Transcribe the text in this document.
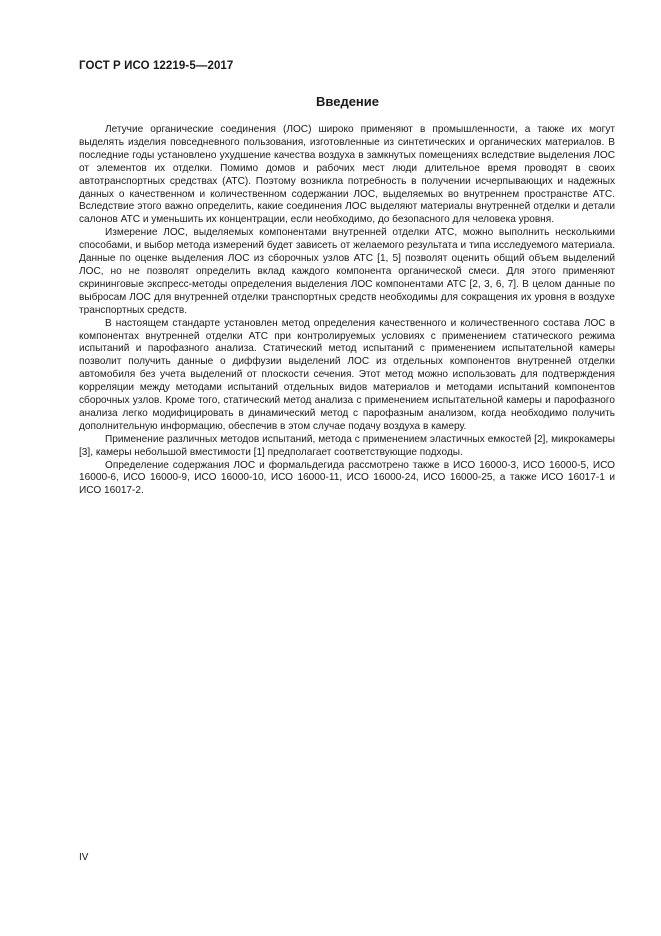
ГОСТ Р ИСО 12219-5—2017
Введение

Летучие органические соединения (ЛОС) широко применяют в промышленности, а также их могут выделять изделия повседневного пользования, изготовленные из синтетических и органических материалов. В последние годы установлено ухудшение качества воздуха в замкнутых помещениях вследствие выделения ЛОС от элементов их отделки. Помимо домов и рабочих мест люди длительное время проводят в своих автотранспортных средствах (АТС). Поэтому возникла потребность в получении исчерпывающих и надежных данных о качественном и количественном содержании ЛОС, выделяемых во внутреннем пространстве АТС. Вследствие этого важно определить, какие соединения ЛОС выделяют материалы внутренней отделки и детали салонов АТС и уменьшить их концентрации, если необходимо, до безопасного для человека уровня.

Измерение ЛОС, выделяемых компонентами внутренней отделки АТС, можно выполнить несколькими способами, и выбор метода измерений будет зависеть от желаемого результата и типа исследуемого материала. Данные по оценке выделения ЛОС из сборочных узлов АТС [1, 5] позволят оценить общий объем выделений ЛОС, но не позволят определить вклад каждого компонента органической смеси. Для этого применяют скрининговые экспресс-методы определения выделения ЛОС компонентами АТС [2, 3, 6, 7]. В целом данные по выбросам ЛОС для внутренней отделки транспортных средств необходимы для сокращения их уровня в воздухе транспортных средств.

В настоящем стандарте установлен метод определения качественного и количественного состава ЛОС в компонентах внутренней отделки АТС при контролируемых условиях с применением статического режима испытаний и парофазного анализа. Статический метод испытаний с применением испытательной камеры позволит получить данные о диффузии выделений ЛОС из отдельных компонентов внутренней отделки автомобиля без учета выделений от плоскости сечения. Этот метод можно использовать для подтверждения корреляции между методами испытаний отдельных видов материалов и методами испытаний компонентов сборочных узлов. Кроме того, статический метод анализа с применением испытательной камеры и парофазного анализа легко модифицировать в динамический метод с парофазным анализом, когда необходимо получить дополнительную информацию, обеспечив в этом случае подачу воздуха в камеру.

Применение различных методов испытаний, метода с применением эластичных емкостей [2], микрокамеры [3], камеры небольшой вместимости [1] предполагает соответствующие подходы.

Определение содержания ЛОС и формальдегида рассмотрено также в ИСО 16000-3, ИСО 16000-5, ИСО 16000-6, ИСО 16000-9, ИСО 16000-10, ИСО 16000-11, ИСО 16000-24, ИСО 16000-25, а также ИСО 16017-1 и ИСО 16017-2.

IV
